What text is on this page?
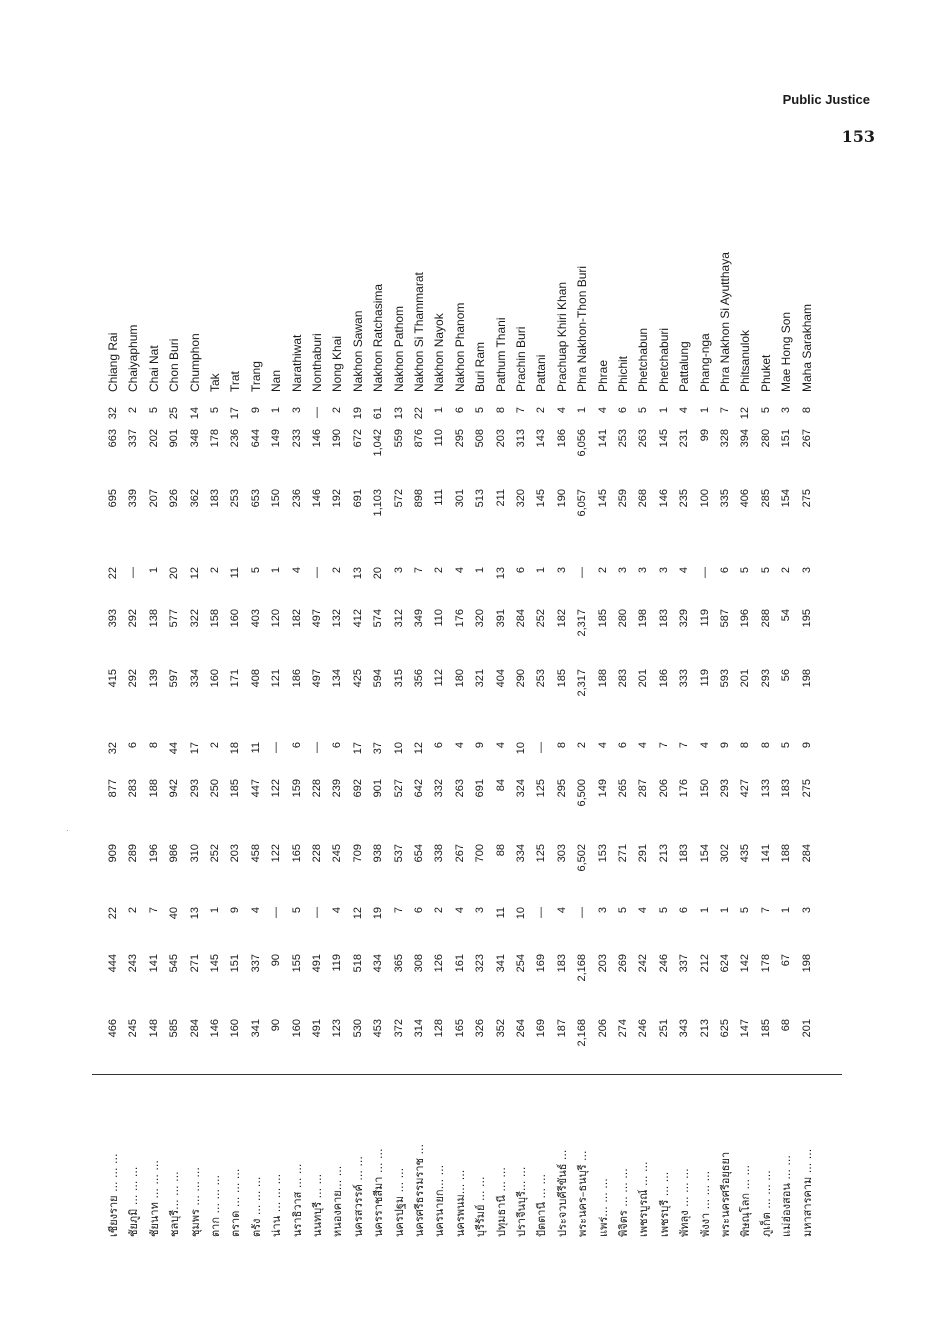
Public Justice
153
·
เชียงราย ... ... ...
466
444
22
909
877
32
415
393
22
695
663
32
Chiang Rai
ชัยภูมิ ... ... ...
245
243
2
289
283
6
292
292
—
339
337
2
Chaiyaphum
ชัยนาท ... ... ...
148
141
7
196
188
8
139
138
1
207
202
5
Chai Nat
ชลบุรี... ... ...
585
545
40
986
942
44
597
577
20
926
901
25
Chon Buri
ชุมพร ... ... ...
284
271
13
310
293
17
334
322
12
362
348
14
Chumphon
ตาก ... ... ...
146
145
1
252
250
2
160
158
2
183
178
5
Tak
ตราด ... ... ...
160
151
9
203
185
18
171
160
11
253
236
17
Trat
ตรัง ... ... ...
341
337
4
458
447
11
408
403
5
653
644
9
Trang
น่าน ... ... ...
90
90
—
122
122
—
121
120
1
150
149
1
Nan
นราธิวาส ... ...
160
155
5
165
159
6
186
182
4
236
233
3
Narathiwat
นนทบุรี ... ...
491
491
—
228
228
—
497
497
—
146
146
—
Nonthaburi
หนองคาย... ...
123
119
4
245
239
6
134
132
2
192
190
2
Nong Khai
นครสวรรค์ ... ...
530
518
12
709
692
17
425
412
13
691
672
19
Nakhon Sawan
นครราชสีมา ... ...
453
434
19
938
901
37
594
574
20
1,103
1,042
61
Nakhon Ratchasima
นครปฐม ... ...
372
365
7
537
527
10
315
312
3
572
559
13
Nakhon Pathom
นครศรีธรรมราช ...
314
308
6
654
642
12
356
349
7
898
876
22
Nakhon Si Thammarat
นครนายก... ...
128
126
2
338
332
6
112
110
2
111
110
1
Nakhon Nayok
นครพนม... ...
165
161
4
267
263
4
180
176
4
301
295
6
Nakhon Phanom
บุรีรัมย์ ... ...
326
323
3
700
691
9
321
320
1
513
508
5
Buri Ram
ปทุมธานี ... ...
352
341
11
88
84
4
404
391
13
211
203
8
Pathum Thani
ปราจีนบุรี... ...
264
254
10
334
324
10
290
284
6
320
313
7
Prachin Buri
ปัตตานี ... ...
169
169
—
125
125
—
253
252
1
145
143
2
Pattani
ประจวบคีรีขันธ์ ...
187
183
4
303
295
8
185
182
3
190
186
4
Prachuap Khiri Khan
พระนคร–ธนบุรี ...
2,168
2,168
—
6,502
6,500
2
2,317
2,317
—
6,057
6,056
1
Phra Nakhon-Thon Buri
แพร่... ... ...
206
203
3
153
149
4
188
185
2
145
141
4
Phrae
พิจิตร ... ... ...
274
269
5
271
265
6
283
280
3
259
253
6
Phichit
เพชรบูรณ์ ... ...
246
242
4
291
287
4
201
198
3
268
263
5
Phetchabun
เพชรบุรี ... ...
251
246
5
213
206
7
186
183
3
146
145
1
Phetchaburi
พัทลุง ... ... ...
343
337
6
183
176
7
333
329
4
235
231
4
Pattalung
พังงา ... ... ...
213
212
1
154
150
4
119
119
—
100
99
1
Phang-nga
พระนครศรีอยุธยา
625
624
1
302
293
9
593
587
6
335
328
7
Phra Nakhon Si Ayutthaya
พิษณุโลก ... ...
147
142
5
435
427
8
201
196
5
406
394
12
Phitsanulok
ภูเก็ต ... ... ...
185
178
7
141
133
8
293
288
5
285
280
5
Phuket
แม่ฮ่องสอน ... ...
68
67
1
188
183
5
56
54
2
154
151
3
Mae Hong Son
มหาสารคาม ... ...
201
198
3
284
275
9
198
195
3
275
267
8
Maha Sarakham
